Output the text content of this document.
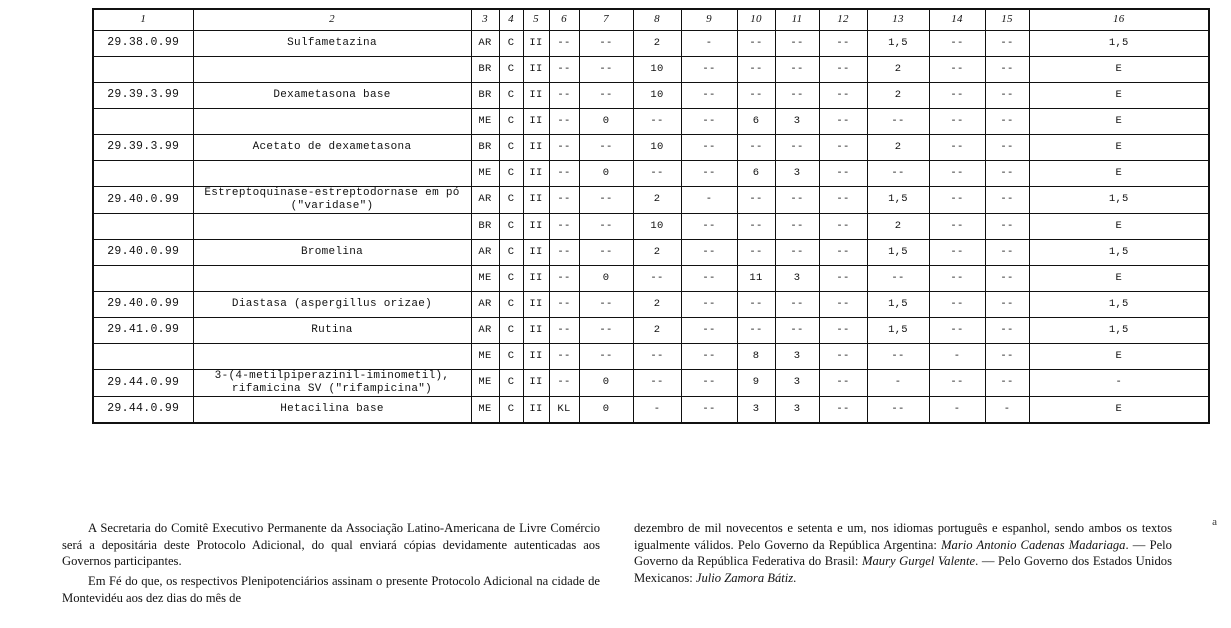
1	2	3	4	5	6	7	8	9	10	11	12	13	14	15	16
29.38.0.99	Sulfametazina	AR	C	II	--	--	2	-	--	--	--	1,5	--	--	1,5
		BR	C	II	--	--	10	--	--	--	--	2	--	--	E
29.39.3.99	Dexametasona base	BR	C	II	--	--	10	--	--	--	--	2	--	--	E
		ME	C	II	--	0	--	--	6	3	--	--	--	--	E
29.39.3.99	Acetato de dexametasona	BR	C	II	--	--	10	--	--	--	--	2	--	--	E
		ME	C	II	--	0	--	--	6	3	--	--	--	--	E
29.40.0.99	Estreptoquinase-estreptodornase em pó ("varidase")	AR	C	II	--	--	2	-	--	--	--	1,5	--	--	1,5
		BR	C	II	--	--	10	--	--	--	--	2	--	--	E
29.40.0.99	Bromelina	AR	C	II	--	--	2	--	--	--	--	1,5	--	--	1,5
		ME	C	II	--	0	--	--	11	3	--	--	--	--	E
29.40.0.99	Diastasa (aspergillus orizae)	AR	C	II	--	--	2	--	--	--	--	1,5	--	--	1,5
29.41.0.99	Rutina	AR	C	II	--	--	2	--	--	--	--	1,5	--	--	1,5
		ME	C	II	--	--	--	--	8	3	--	--	-	--	E
29.44.0.99	3-(4-metilpiperazinil-iminometil), rifamicina SV ("rifampicina")	ME	C	II	--	0	--	--	9	3	--	-	--	--	-
29.44.0.99	Hetacilina base	ME	C	II	KL	0	-	--	3	3	--	--	-	-	E

A Secretaria do Comitê Executivo Permanente da Associação Latino-Americana de Livre Comércio será a depositária deste Protocolo Adicional, do qual enviará cópias devidamente autenticadas aos Governos participantes.

Em Fé do que, os respectivos Plenipotenciários assinam o presente Protocolo Adicional na cidade de Montevidéu aos dez dias do mês de

dezembro de mil novecentos e setenta e um, nos idiomas português e espanhol, sendo ambos os textos igualmente válidos. Pelo Governo da República Argentina: Mario Antonio Cadenas Madariaga. — Pelo Governo da República Federativa do Brasil: Maury Gurgel Valente. — Pelo Governo dos Estados Unidos Mexicanos: Julio Zamora Bátiz.

a
